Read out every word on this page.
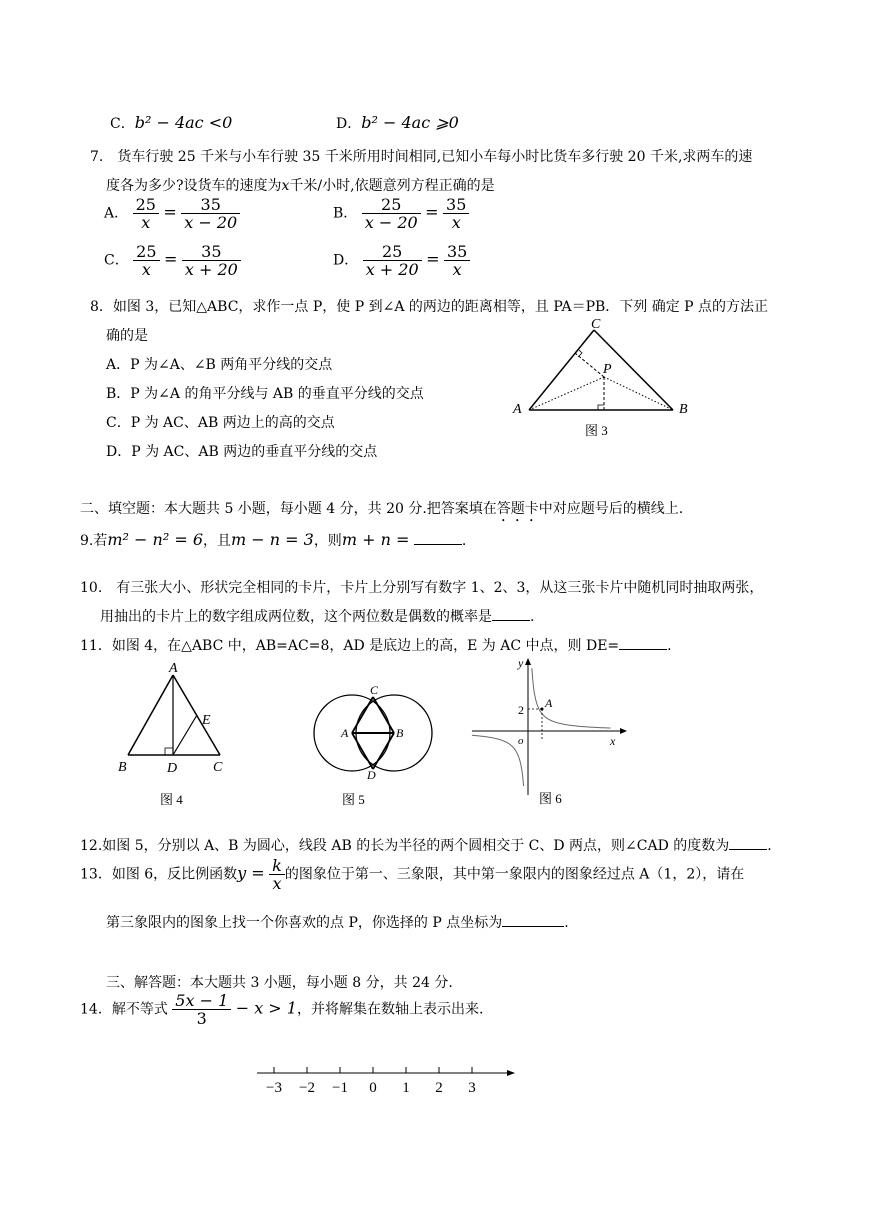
C．b² − 4ac <0	D．b² − 4ac ⩾0
7.　货车行驶 25 千米与小车行驶 35 千米所用时间相同,已知小车每小时比货车多行驶 20 千米,求两车的速
度各为多少?设货车的速度为x千米/小时,依题意列方程正确的是
A． $\frac{25}{x} = \frac{35}{x - 20}$	B． $\frac{25}{x - 20} = \frac{35}{x}$
C． $\frac{25}{x} = \frac{35}{x + 20}$	D． $\frac{25}{x + 20} = \frac{35}{x}$
8．如图 3，已知△ABC，求作一点 P，使 P 到∠A 的两边的距离相等，且 PA＝PB．下列 确定 P 点的方法正
确的是
A．P 为∠A、∠B 两角平分线的交点
B．P 为∠A 的角平分线与 AB 的垂直平分线的交点
C．P 为 AC、AB 两边上的高的交点
D．P 为 AC、AB 两边的垂直平分线的交点
A	B
C
P
图 3
二、填空题：本大题共 5 小题，每小题 4 分，共 20 分.把答案填在答题卡中对应题号后的横线上.
9.若m² − n² = 6，且m − n = 3，则m + n =	.
10.　有三张大小、形状完全相同的卡片，卡片上分别写有数字 1、2、3，从这三张卡片中随机同时抽取两张，
用抽出的卡片上的数字组成两位数，这个两位数是偶数的概率是	.
11．如图 4，在△ABC 中，AB=AC=8，AD 是底边上的高，E 为 AC 中点，则 DE=	.
A
B	D	C
E
图 4
A	B
C
D
图 5
y
x
o
2 A
图 6
12.如图 5，分别以 A、B 为圆心，线段 AB 的长为半径的两个圆相交于 C、D 两点，则∠CAD 的度数为	.
13．如图 6，反比例函数$y = \frac{k}{x}$ 的图象位于第一、三象限，其中第一象限内的图象经过点 A（1，2），请在
第三象限内的图象上找一个你喜欢的点 P，你选择的 P 点坐标为	.
三、解答题：本大题共 3 小题，每小题 8 分，共 24 分.
14．解不等式 $\frac{5x - 1}{3} - x > 1$，并将解集在数轴上表示出来.
−3 −2 −1 0 1 2 3
